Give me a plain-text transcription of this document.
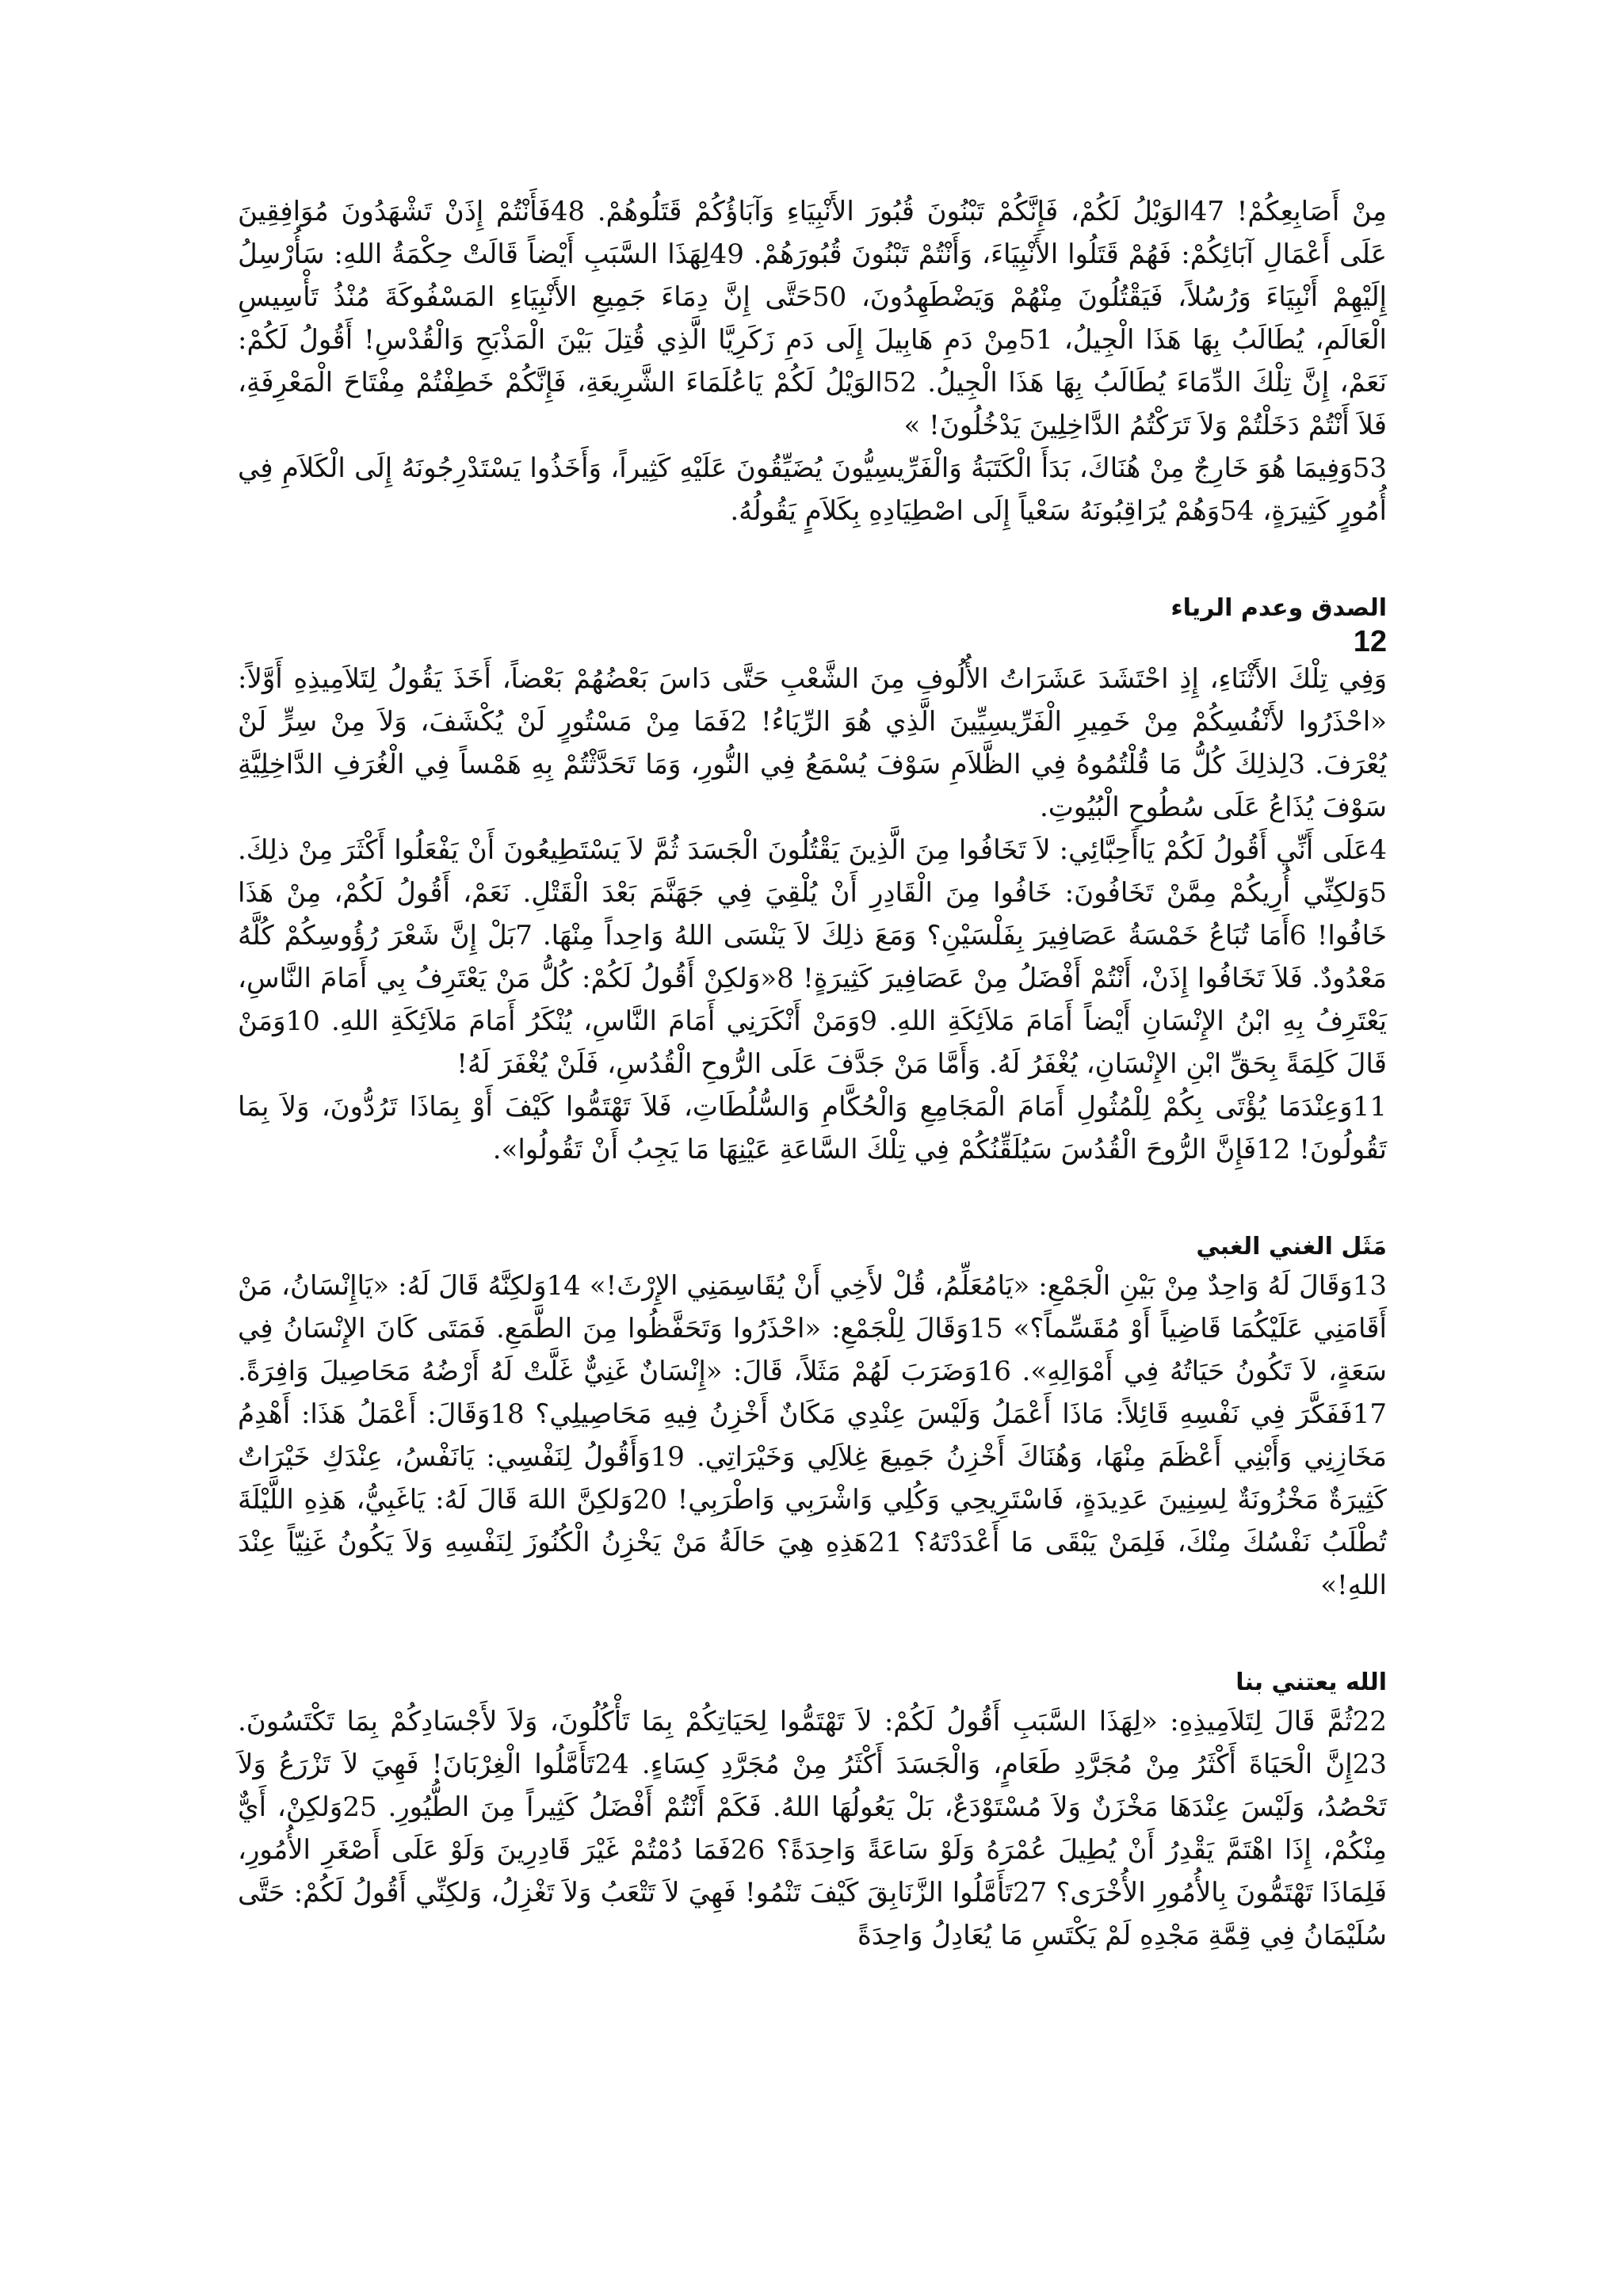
مِنْ أَصَابِعِكُمْ! 47الوَيْلُ لَكُمْ، فَإِنَّكُمْ تَبْنُونَ قُبُورَ الأَنْبِيَاءِ وَآبَاؤُكُمْ قَتَلُوهُمْ. 48فَأَنْتُمْ إِذَنْ تَشْهَدُونَ مُوَافِقِينَ عَلَى أَعْمَالِ آبَائِكُمْ: فَهُمْ قَتَلُوا الأَنْبِيَاءَ، وَأَنْتُمْ تَبْنُونَ قُبُورَهُمْ. 49لِهَذَا السَّبَبِ أَيْضاً قَالَتْ حِكْمَةُ اللهِ: سَأُرْسِلُ إِلَيْهِمْ أَنْبِيَاءَ وَرُسُلاً، فَيَقْتُلُونَ مِنْهُمْ وَيَضْطَهِدُونَ، 50حَتَّى إِنَّ دِمَاءَ جَمِيعِ الأَنْبِيَاءِ المَسْفُوكَةَ مُنْذُ تَأْسِيسِ الْعَالَمِ، يُطَالَبُ بِهَا هَذَا الْجِيلُ، 51مِنْ دَمِ هَابِيلَ إِلَى دَمِ زَكَرِيَّا الَّذِي قُتِلَ بَيْنَ الْمَذْبَحِ وَالْقُدْسِ! أَقُولُ لَكُمْ: نَعَمْ، إِنَّ تِلْكَ الدِّمَاءَ يُطَالَبُ بِهَا هَذَا الْجِيلُ. 52الوَيْلُ لَكُمْ يَاعُلَمَاءَ الشَّرِيعَةِ، فَإِنَّكُمْ خَطِفْتُمْ مِفْتَاحَ الْمَعْرِفَةِ، فَلاَ أَنْتُمْ دَخَلْتُمْ وَلاَ تَرَكْتُمُ الدَّاخِلِينَ يَدْخُلُونَ! »

53وَفِيمَا هُوَ خَارِجٌ مِنْ هُنَاكَ، بَدَأَ الْكَتَبَةُ وَالْفَرِّيسِيُّونَ يُضَيِّقُونَ عَلَيْهِ كَثِيراً، وَأَخَذُوا يَسْتَدْرِجُونَهُ إِلَى الْكَلاَمِ فِي أُمُورٍ كَثِيرَةٍ، 54وَهُمْ يُرَاقِبُونَهُ سَعْياً إِلَى اصْطِيَادِهِ بِكَلاَمٍ يَقُولُهُ.

الصدق وعدم الرياء

12

وَفِي تِلْكَ الأَثْنَاءِ، إِذِ احْتَشَدَ عَشَرَاتُ الأُلُوفِ مِنَ الشَّعْبِ حَتَّى دَاسَ بَعْضُهُمْ بَعْضاً، أَخَذَ يَقُولُ لِتَلاَمِيذِهِ أَوَّلاً: «احْذَرُوا لأَنْفُسِكُمْ مِنْ خَمِيرِ الْفَرِّيسِيِّينَ الَّذِي هُوَ الرِّيَاءُ! 2فَمَا مِنْ مَسْتُورٍ لَنْ يُكْشَفَ، وَلاَ مِنْ سِرٍّ لَنْ يُعْرَفَ. 3لِذلِكَ كُلُّ مَا قُلْتُمُوهُ فِي الظَّلاَمِ سَوْفَ يُسْمَعُ فِي النُّورِ، وَمَا تَحَدَّثْتُمْ بِهِ هَمْساً فِي الْغُرَفِ الدَّاخِلِيَّةِ سَوْفَ يُذَاعُ عَلَى سُطُوحِ الْبُيُوتِ.

4عَلَى أَنِّي أَقُولُ لَكُمْ يَاأَحِبَّائِي: لاَ تَخَافُوا مِنَ الَّذِينَ يَقْتُلُونَ الْجَسَدَ ثُمَّ لاَ يَسْتَطِيعُونَ أَنْ يَفْعَلُوا أَكْثَرَ مِنْ ذلِكَ. 5وَلكِنِّي أُرِيكُمْ مِمَّنْ تَخَافُونَ: خَافُوا مِنَ الْقَادِرِ أَنْ يُلْقِيَ فِي جَهَنَّمَ بَعْدَ الْقَتْلِ. نَعَمْ، أَقُولُ لَكُمْ، مِنْ هَذَا خَافُوا! 6أَمَا تُبَاعُ خَمْسَةُ عَصَافِيرَ بِفَلْسَيْنِ؟ وَمَعَ ذلِكَ لاَ يَنْسَى اللهُ وَاحِداً مِنْهَا. 7بَلْ إِنَّ شَعْرَ رُؤُوسِكُمْ كُلَّهُ مَعْدُودٌ. فَلاَ تَخَافُوا إِذَنْ، أَنْتُمْ أَفْضَلُ مِنْ عَصَافِيرَ كَثِيرَةٍ! 8«وَلكِنْ أَقُولُ لَكُمْ: كُلُّ مَنْ يَعْتَرِفُ بِي أَمَامَ النَّاسِ، يَعْتَرِفُ بِهِ ابْنُ الإِنْسَانِ أَيْضاً أَمَامَ مَلاَئِكَةِ اللهِ. 9وَمَنْ أَنْكَرَنِي أَمَامَ النَّاسِ، يُنْكَرُ أَمَامَ مَلاَئِكَةِ اللهِ. 10وَمَنْ قَالَ كَلِمَةً بِحَقِّ ابْنِ الإِنْسَانِ، يُغْفَرُ لَهُ. وَأَمَّا مَنْ جَدَّفَ عَلَى الرُّوحِ الْقُدُسِ، فَلَنْ يُغْفَرَ لَهُ!

11وَعِنْدَمَا يُؤْتَى بِكُمْ لِلْمُثُولِ أَمَامَ الْمَجَامِعِ وَالْحُكَّامِ وَالسُّلُطَاتِ، فَلاَ تَهْتَمُّوا كَيْفَ أَوْ بِمَاذَا تَرُدُّونَ، وَلاَ بِمَا تَقُولُونَ! 12فَإِنَّ الرُّوحَ الْقُدُسَ سَيُلَقِّنُكُمْ فِي تِلْكَ السَّاعَةِ عَيْنِهَا مَا يَجِبُ أَنْ تَقُولُوا».

مَثَل الغني الغبي

13وَقَالَ لَهُ وَاحِدٌ مِنْ بَيْنِ الْجَمْعِ: «يَامُعَلِّمُ، قُلْ لأَخِي أَنْ يُقَاسِمَنِي الإِرْثَ!» 14وَلكِنَّهُ قَالَ لَهُ: «يَاإِنْسَانُ، مَنْ أَقَامَنِي عَلَيْكُمَا قَاضِياً أَوْ مُقَسِّماً؟» 15وَقَالَ لِلْجَمْعِ: «احْذَرُوا وَتَحَفَّظُوا مِنَ الطَّمَعِ. فَمَتَى كَانَ الإِنْسَانُ فِي سَعَةٍ، لاَ تَكُونُ حَيَاتُهُ فِي أَمْوَالِهِ». 16وَضَرَبَ لَهُمْ مَثَلاً، قَالَ: «إِنْسَانٌ غَنِيٌّ غَلَّتْ لَهُ أَرْضُهُ مَحَاصِيلَ وَافِرَةً. 17فَفَكَّرَ فِي نَفْسِهِ قَائِلاً: مَاذَا أَعْمَلُ وَلَيْسَ عِنْدِي مَكَانٌ أَخْزِنُ فِيهِ مَحَاصِيلِي؟ 18وَقَالَ: أَعْمَلُ هَذَا: أَهْدِمُ مَخَازِنِي وَأَبْنِي أَعْظَمَ مِنْهَا، وَهُنَاكَ أَخْزِنُ جَمِيعَ غِلاَلِي وَخَيْرَاتِي. 19وَأَقُولُ لِنَفْسِي: يَانَفْسُ، عِنْدَكِ خَيْرَاتٌ كَثِيرَةٌ مَخْزُونَةٌ لِسِنِينَ عَدِيدَةٍ، فَاسْتَرِيحِي وَكُلِي وَاشْرَبِي وَاطْرَبِي! 20وَلكِنَّ اللهَ قَالَ لَهُ: يَاغَبِيُّ، هَذِهِ اللَّيْلَةَ تُطْلَبُ نَفْسُكَ مِنْكَ، فَلِمَنْ يَبْقَى مَا أَعْدَدْتَهُ؟ 21هَذِهِ هِيَ حَالَةُ مَنْ يَخْزِنُ الْكُنُوزَ لِنَفْسِهِ وَلاَ يَكُونُ غَنِيّاً عِنْدَ اللهِ!»

الله يعتني بنا

22ثُمَّ قَالَ لِتَلاَمِيذِهِ: «لِهَذَا السَّبَبِ أَقُولُ لَكُمْ: لاَ تَهْتَمُّوا لِحَيَاتِكُمْ بِمَا تَأْكُلُونَ، وَلاَ لأَجْسَادِكُمْ بِمَا تَكْتَسُونَ. 23إِنَّ الْحَيَاةَ أَكْثَرُ مِنْ مُجَرَّدِ طَعَامٍ، وَالْجَسَدَ أَكْثَرُ مِنْ مُجَرَّدِ كِسَاءٍ. 24تَأَمَّلُوا الْغِرْبَانَ! فَهِيَ لاَ تَزْرَعُ وَلاَ تَحْصُدُ، وَلَيْسَ عِنْدَهَا مَخْزَنٌ وَلاَ مُسْتَوْدَعٌ، بَلْ يَعُولُهَا اللهُ. فَكَمْ أَنْتُمْ أَفْضَلُ كَثِيراً مِنَ الطُّيُورِ. 25وَلكِنْ، أَيٌّ مِنْكُمْ، إِذَا اهْتَمَّ يَقْدِرُ أَنْ يُطِيلَ عُمْرَهُ وَلَوْ سَاعَةً وَاحِدَةً؟ 26فَمَا دُمْتُمْ غَيْرَ قَادِرِينَ وَلَوْ عَلَى أَصْغَرِ الأُمُورِ، فَلِمَاذَا تَهْتَمُّونَ بِالأُمُورِ الأُخْرَى؟ 27تَأَمَّلُوا الزَّنَابِقَ كَيْفَ تَنْمُو! فَهِيَ لاَ تَتْعَبُ وَلاَ تَغْزِلُ، وَلكِنِّي أَقُولُ لَكُمْ: حَتَّى سُلَيْمَانُ فِي قِمَّةِ مَجْدِهِ لَمْ يَكْتَسِ مَا يُعَادِلُ وَاحِدَةً
